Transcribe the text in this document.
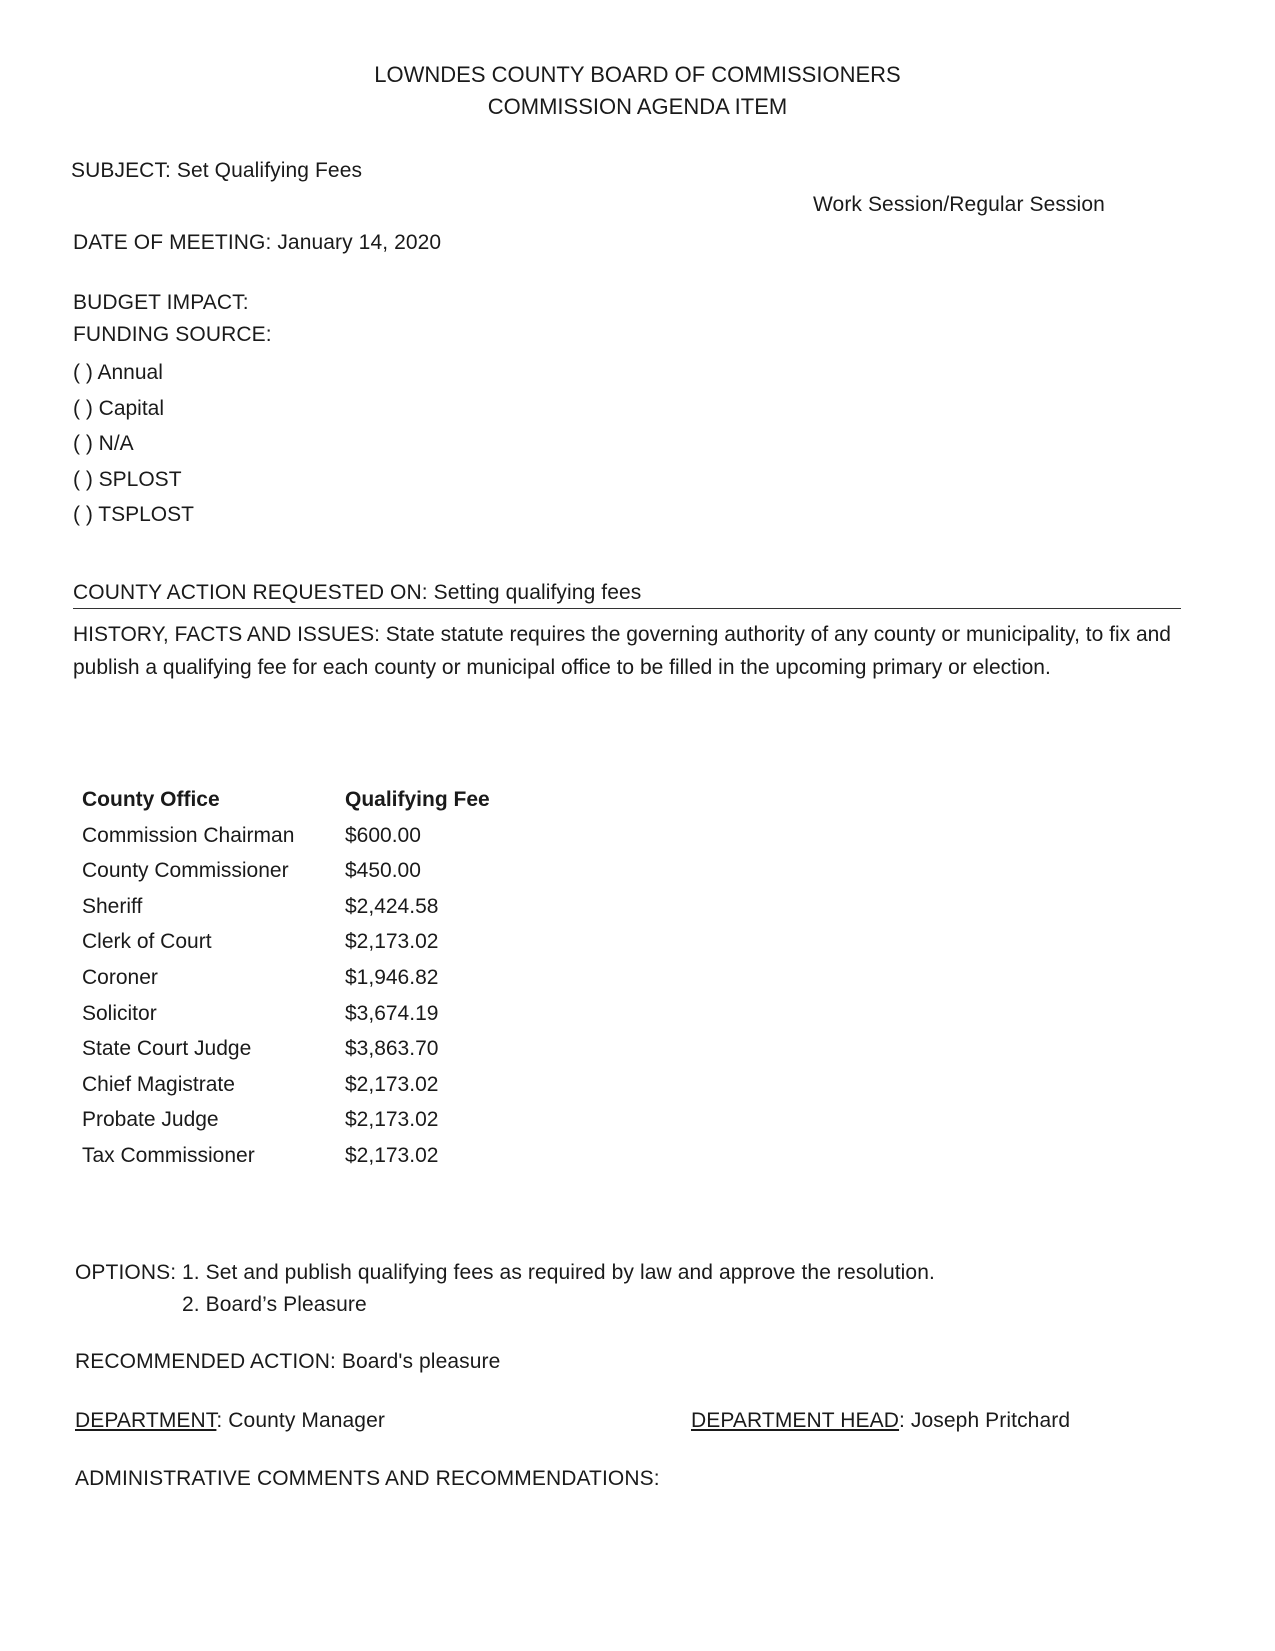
LOWNDES COUNTY BOARD OF COMMISSIONERS
COMMISSION AGENDA ITEM
SUBJECT: Set Qualifying Fees
Work Session/Regular Session
DATE OF MEETING: January 14, 2020
BUDGET IMPACT:
FUNDING SOURCE:
( ) Annual
( ) Capital
( ) N/A
( ) SPLOST
( ) TSPLOST
COUNTY ACTION REQUESTED ON: Setting qualifying fees
HISTORY, FACTS AND ISSUES: State statute requires the governing authority of any county or municipality, to fix and publish a qualifying fee for each county or municipal office to be filled in the upcoming primary or election.
County Office	Qualifying Fee
Commission Chairman	$600.00
County Commissioner	$450.00
Sheriff	$2,424.58
Clerk of Court	$2,173.02
Coroner	$1,946.82
Solicitor	$3,674.19
State Court Judge	$3,863.70
Chief Magistrate	$2,173.02
Probate Judge	$2,173.02
Tax Commissioner	$2,173.02
OPTIONS: 1. Set and publish qualifying fees as required by law and approve the resolution.
2. Board’s Pleasure
RECOMMENDED ACTION: Board's pleasure
DEPARTMENT: County Manager	DEPARTMENT HEAD: Joseph Pritchard
ADMINISTRATIVE COMMENTS AND RECOMMENDATIONS:
